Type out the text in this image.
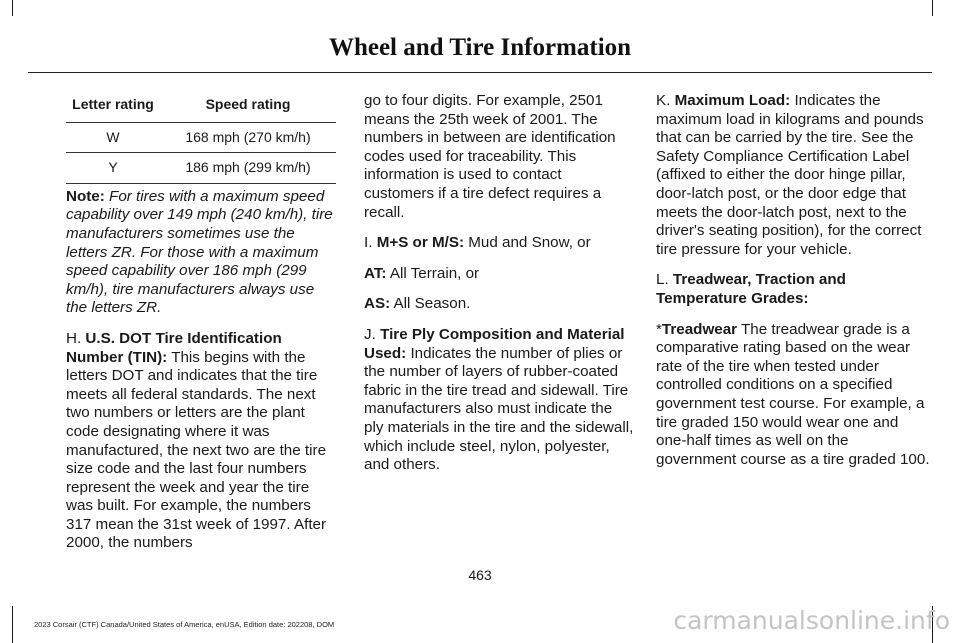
Wheel and Tire Information
Letter rating	Speed rating
W	168 mph (270 km/h)
Y	186 mph (299 km/h)

Note: For tires with a maximum speed capability over 149 mph (240 km/h), tire manufacturers sometimes use the letters ZR. For those with a maximum speed capability over 186 mph (299 km/h), tire manufacturers always use the letters ZR.

H. U.S. DOT Tire Identification Number (TIN): This begins with the letters DOT and indicates that the tire meets all federal standards. The next two numbers or letters are the plant code designating where it was manufactured, the next two are the tire size code and the last four numbers represent the week and year the tire was built. For example, the numbers 317 mean the 31st week of 1997. After 2000, the numbers

go to four digits. For example, 2501 means the 25th week of 2001. The numbers in between are identification codes used for traceability. This information is used to contact customers if a tire defect requires a recall.

I. M+S or M/S: Mud and Snow, or

AT: All Terrain, or

AS: All Season.

J. Tire Ply Composition and Material Used: Indicates the number of plies or the number of layers of rubber-coated fabric in the tire tread and sidewall. Tire manufacturers also must indicate the ply materials in the tire and the sidewall, which include steel, nylon, polyester, and others.

K. Maximum Load: Indicates the maximum load in kilograms and pounds that can be carried by the tire. See the Safety Compliance Certification Label (affixed to either the door hinge pillar, door-latch post, or the door edge that meets the door-latch post, next to the driver's seating position), for the correct tire pressure for your vehicle.

L. Treadwear, Traction and Temperature Grades:

*Treadwear The treadwear grade is a comparative rating based on the wear rate of the tire when tested under controlled conditions on a specified government test course. For example, a tire graded 150 would wear one and one-half times as well on the government course as a tire graded 100.

463
2023 Corsair (CTF) Canada/United States of America, enUSA, Edition date: 202208, DOM	carmanualsonline.info
